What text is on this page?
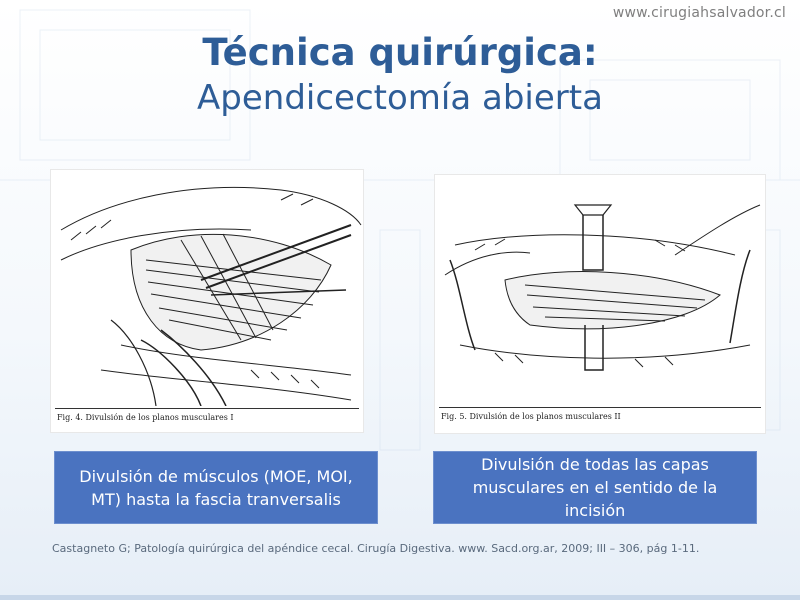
www.cirugiahsalvador.cl
Técnica quirúrgica:
Apendicectomía abierta
Fig. 4. Divulsión de los planos musculares I	Fig. 5. Divulsión de los planos musculares II
Divulsión de músculos (MOE, MOI, MT) hasta la fascia tranversalis
Divulsión de todas las capas musculares en el sentido de la incisión
Castagneto G; Patología quirúrgica del apéndice cecal. Cirugía Digestiva. www. Sacd.org.ar, 2009; III – 306, pág 1-11.
